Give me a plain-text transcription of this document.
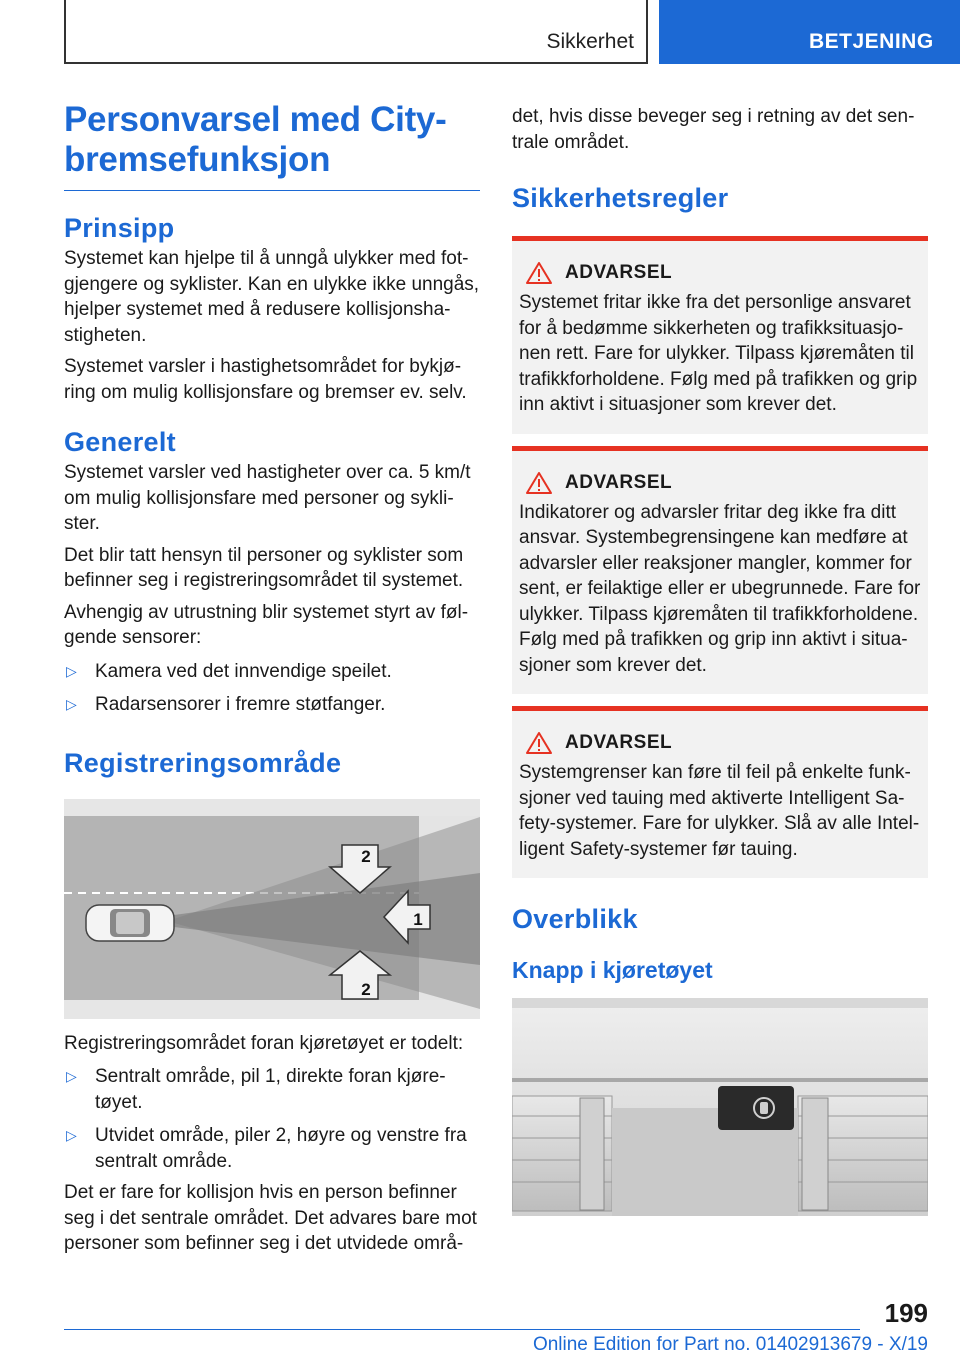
Sikkerhet	BETJENING
Personvarsel med City-
bremsefunksjon
Prinsipp

Systemet kan hjelpe til å unngå ulykker med fot-gjengere og syklister. Kan en ulykke ikke unngås, hjelper systemet med å redusere kollisjonsha-stigheten.

Systemet varsler i hastighetsområdet for bykjø-ring om mulig kollisjonsfare og bremser ev. selv.

Generelt

Systemet varsler ved hastigheter over ca. 5 km/t om mulig kollisjonsfare med personer og sykli-ster.

Det blir tatt hensyn til personer og syklister som befinner seg i registreringsområdet til systemet.

Avhengig av utrustning blir systemet styrt av føl-gende sensorer:

▷ Kamera ved det innvendige speilet.
▷ Radarsensorer i fremre støtfanger.
Registreringsområde
2
1
2

Registreringsområdet foran kjøretøyet er todelt:

▷ Sentralt område, pil 1, direkte foran kjøre-tøyet.
▷ Utvidet område, piler 2, høyre og venstre fra sentralt område.

Det er fare for kollisjon hvis en person befinner seg i det sentrale området. Det advares bare mot personer som befinner seg i det utvidede områ-

det, hvis disse beveger seg i retning av det sen-trale området.

Sikkerhetsregler
ADVARSEL

Systemet fritar ikke fra det personlige ansvaret for å bedømme sikkerheten og trafikksituasjo-nen rett. Fare for ulykker. Tilpass kjøremåten til trafikkforholdene. Følg med på trafikken og grip inn aktivt i situasjoner som krever det.

ADVARSEL

Indikatorer og advarsler fritar deg ikke fra ditt ansvar. Systembegrensingene kan medføre at advarsler eller reaksjoner mangler, kommer for sent, er feilaktige eller er ubegrunnede. Fare for ulykker. Tilpass kjøremåten til trafikkforholdene. Følg med på trafikken og grip inn aktivt i situa-sjoner som krever det.

ADVARSEL

Systemgrenser kan føre til feil på enkelte funk-sjoner ved tauing med aktiverte Intelligent Sa-fety-systemer. Fare for ulykker. Slå av alle Intel-ligent Safety-systemer før tauing.

Overblikk
Knapp i kjøretøyet
199
Online Edition for Part no. 01402913679 - X/19
